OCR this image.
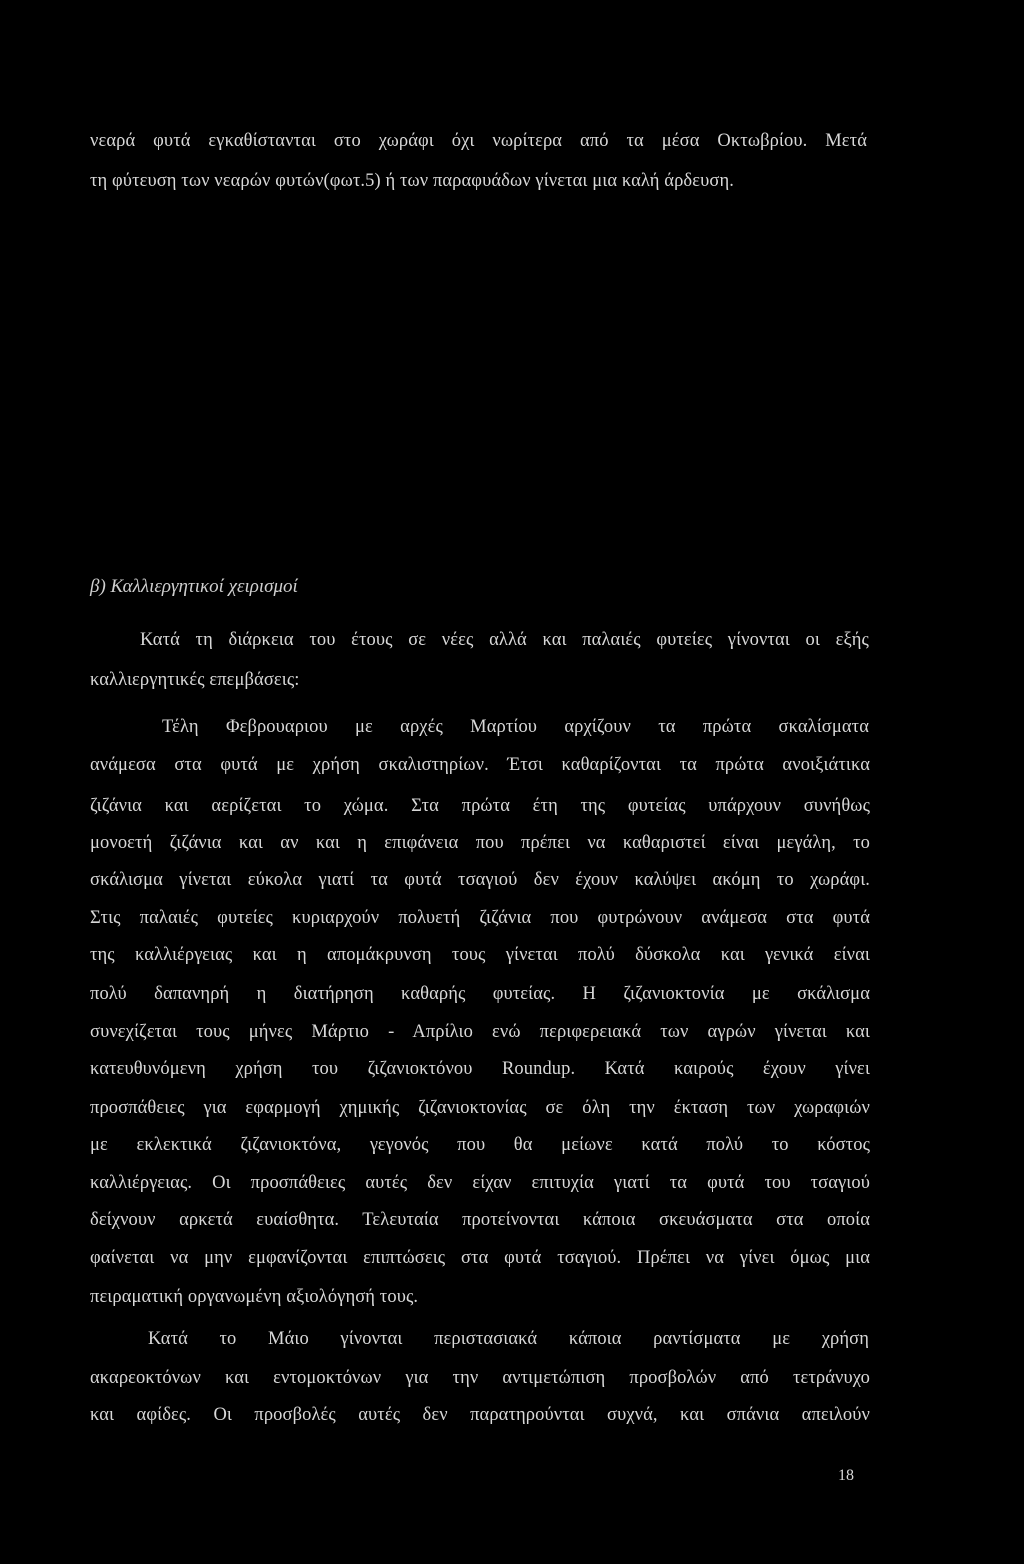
νεαρά φυτά εγκαθίστανται στο χωράφι όχι νωρίτερα από τα μέσα Οκτωβρίου. Μετά
τη φύτευση των νεαρών φυτών(φωτ.5) ή των παραφυάδων γίνεται μια καλή άρδευση.
β) Καλλιεργητικοί χειρισμοί
Κατά τη διάρκεια του έτους σε νέες αλλά και παλαιές φυτείες γίνονται οι εξής
καλλιεργητικές επεμβάσεις:
Τέλη Φεβρουαριου με αρχές Μαρτίου αρχίζουν τα πρώτα σκαλίσματα
ανάμεσα στα φυτά με χρήση σκαλιστηρίων. Έτσι καθαρίζονται τα πρώτα ανοιξιάτικα
ζιζάνια και αερίζεται το χώμα. Στα πρώτα έτη της φυτείας υπάρχουν συνήθως
μονοετή ζιζάνια και αν και η επιφάνεια που πρέπει να καθαριστεί είναι μεγάλη, το
σκάλισμα γίνεται εύκολα γιατί τα φυτά τσαγιού δεν έχουν καλύψει ακόμη το χωράφι.
Στις παλαιές φυτείες κυριαρχούν πολυετή ζιζάνια που φυτρώνουν ανάμεσα στα φυτά
της καλλιέργειας και η απομάκρυνση τους γίνεται πολύ δύσκολα και γενικά είναι
πολύ δαπανηρή η διατήρηση καθαρής φυτείας. Η ζιζανιοκτονία με σκάλισμα
συνεχίζεται τους μήνες Μάρτιο - Απρίλιο ενώ περιφερειακά των αγρών γίνεται και
κατευθυνόμενη χρήση του ζιζανιοκτόνου Roundup. Κατά καιρούς έχουν γίνει
προσπάθειες για εφαρμογή χημικής ζιζανιοκτονίας σε όλη την έκταση των χωραφιών
με εκλεκτικά ζιζανιοκτόνα, γεγονός που θα μείωνε κατά πολύ το κόστος
καλλιέργειας. Οι προσπάθειες αυτές δεν είχαν επιτυχία γιατί τα φυτά του τσαγιού
δείχνουν αρκετά ευαίσθητα. Τελευταία προτείνονται κάποια σκευάσματα στα οποία
φαίνεται να μην εμφανίζονται επιπτώσεις στα φυτά τσαγιού. Πρέπει να γίνει όμως μια
πειραματική οργανωμένη αξιολόγησή τους.
Κατά το Μάιο γίνονται περιστασιακά κάποια ραντίσματα με χρήση
ακαρεοκτόνων και εντομοκτόνων για την αντιμετώπιση προσβολών από τετράνυχο
και αφίδες. Οι προσβολές αυτές δεν παρατηρούνται συχνά, και σπάνια απειλούν
18
